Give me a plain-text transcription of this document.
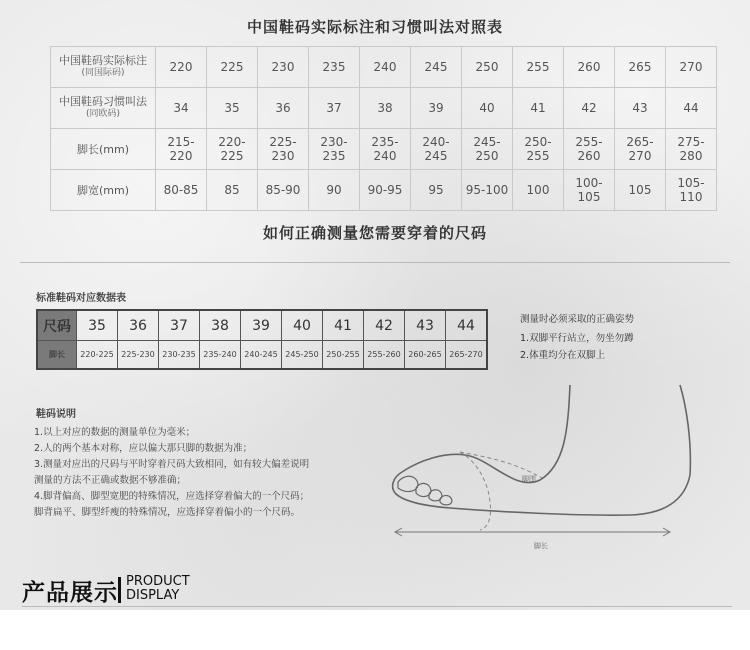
中国鞋码实际标注和习惯叫法对照表
中国鞋码实际标注
(同国际码)	220	225	230	235	240	245	250	255	260	265	270
中国鞋码习惯叫法
(同欧码)	34	35	36	37	38	39	40	41	42	43	44
脚长(mm)	215-220	220-225	225-230	230-235	235-240	240-245	245-250	250-255	255-260	265-270	275-280
脚宽(mm)	80-85	85	85-90	90	90-95	95	95-100	100	100-105	105	105-110
如何正确测量您需要穿着的尺码
标准鞋码对应数据表
尺码	35	36	37	38	39	40	41	42	43	44
脚长	220-225	225-230	230-235	235-240	240-245	245-250	250-255	255-260	260-265	265-270
鞋码说明
1.以上对应的数据的测量单位为毫米；
2.人的两个基本对称，应以偏大那只脚的数据为准；
3.测量对应出的尺码与平时穿着尺码大致相同，如有较大偏差说明
测量的方法不正确或数据不够准确；
4.脚背偏高、脚型宽肥的特殊情况，应选择穿着偏大的一个尺码；
脚背扁平、脚型纤瘦的特殊情况，应选择穿着偏小的一个尺码。
测量时必须采取的正确姿势
1.双脚平行站立，勿坐勿蹲
2.体重均分在双脚上
脚围
脚长
产品展示 PRODUCT
DISPLAY
